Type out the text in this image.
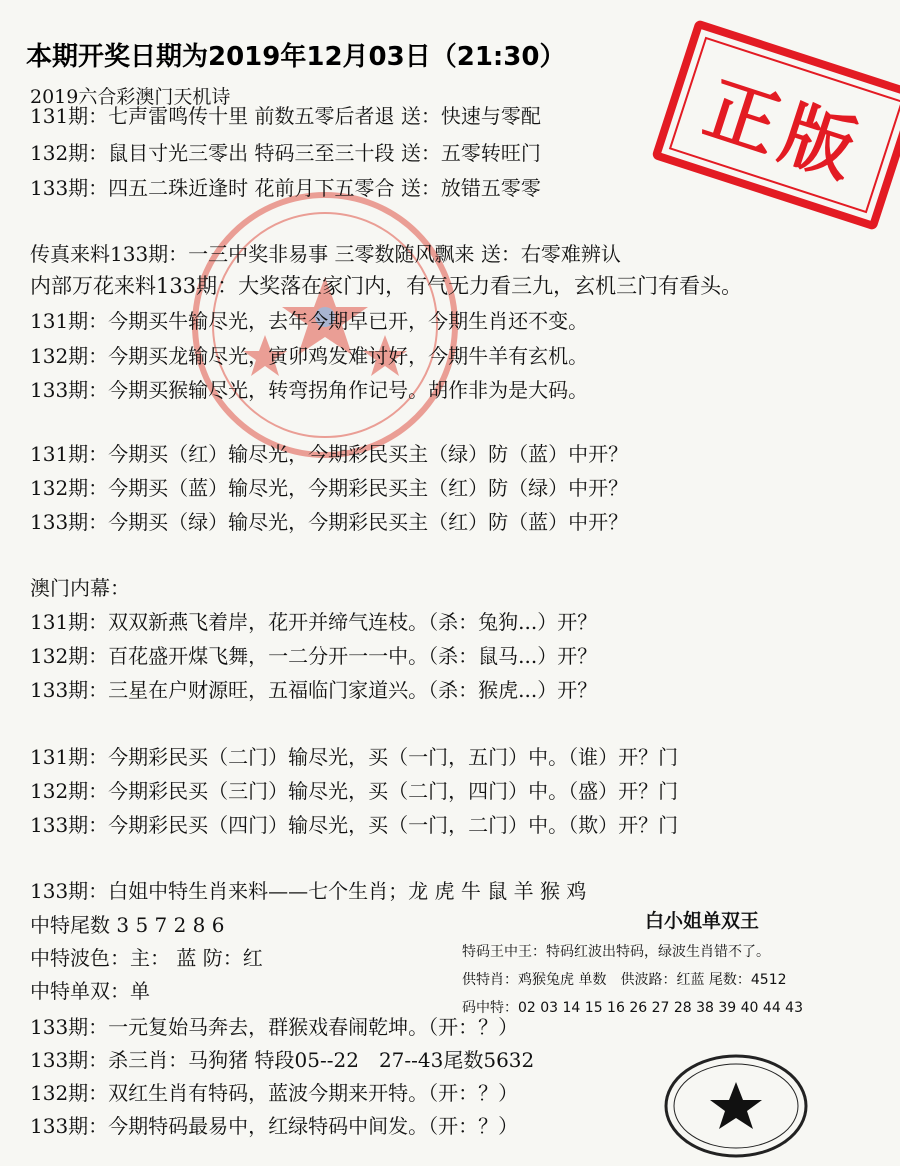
本期开奖日期为2019年12月03日（21:30）
2019六合彩澳门天机诗
131期：七声雷鸣传十里 前数五零后者退 送：快速与零配
132期：鼠目寸光三零出 特码三至三十段 送：五零转旺门
133期：四五二珠近逢时 花前月下五零合 送：放错五零零
传真来料133期：一三中奖非易事 三零数随风飘来 送：右零难辨认
内部万花来料133期：大奖落在家门内，有气无力看三九，玄机三门有看头。
131期：今期买牛输尽光，去年今期早已开，今期生肖还不变。
132期：今期买龙输尽光，寅卯鸡发难讨好，今期牛羊有玄机。
133期：今期买猴输尽光，转弯拐角作记号。胡作非为是大码。
131期：今期买（红）输尽光，今期彩民买主（绿）防（蓝）中开？
132期：今期买（蓝）输尽光，今期彩民买主（红）防（绿）中开？
133期：今期买（绿）输尽光，今期彩民买主（红）防（蓝）中开？
澳门内幕：
131期：双双新燕飞着岸，花开并缔气连枝。（杀：兔狗...）开？
132期：百花盛开煤飞舞，一二分开一一中。（杀：鼠马...）开？
133期：三星在户财源旺，五福临门家道兴。（杀：猴虎...）开？
131期：今期彩民买（二门）输尽光，买（一门，五门）中。（谁）开？门
132期：今期彩民买（三门）输尽光，买（二门，四门）中。（盛）开？门
133期：今期彩民买（四门）输尽光，买（一门，二门）中。（欺）开？门
133期：白姐中特生肖来料——七个生肖；龙 虎 牛 鼠 羊 猴 鸡
中特尾数 3 5 7 2 8 6
中特波色：主： 蓝 防：红
中特单双：单
133期：一元复始马奔去，群猴戏春闹乾坤。（开：？）
133期：杀三肖：马狗猪 特段05--22　27--43尾数5632
132期：双红生肖有特码，蓝波今期来开特。（开：？）
133期：今期特码最易中，红绿特码中间发。（开：？）
白小姐单双王
特码王中王：特码红波出特码，绿波生肖错不了。
供特肖：鸡猴兔虎 单数　供波路：红蓝 尾数：4512
码中特：02 03 14 15 16 26 27 28 38 39 40 44 43
正版
